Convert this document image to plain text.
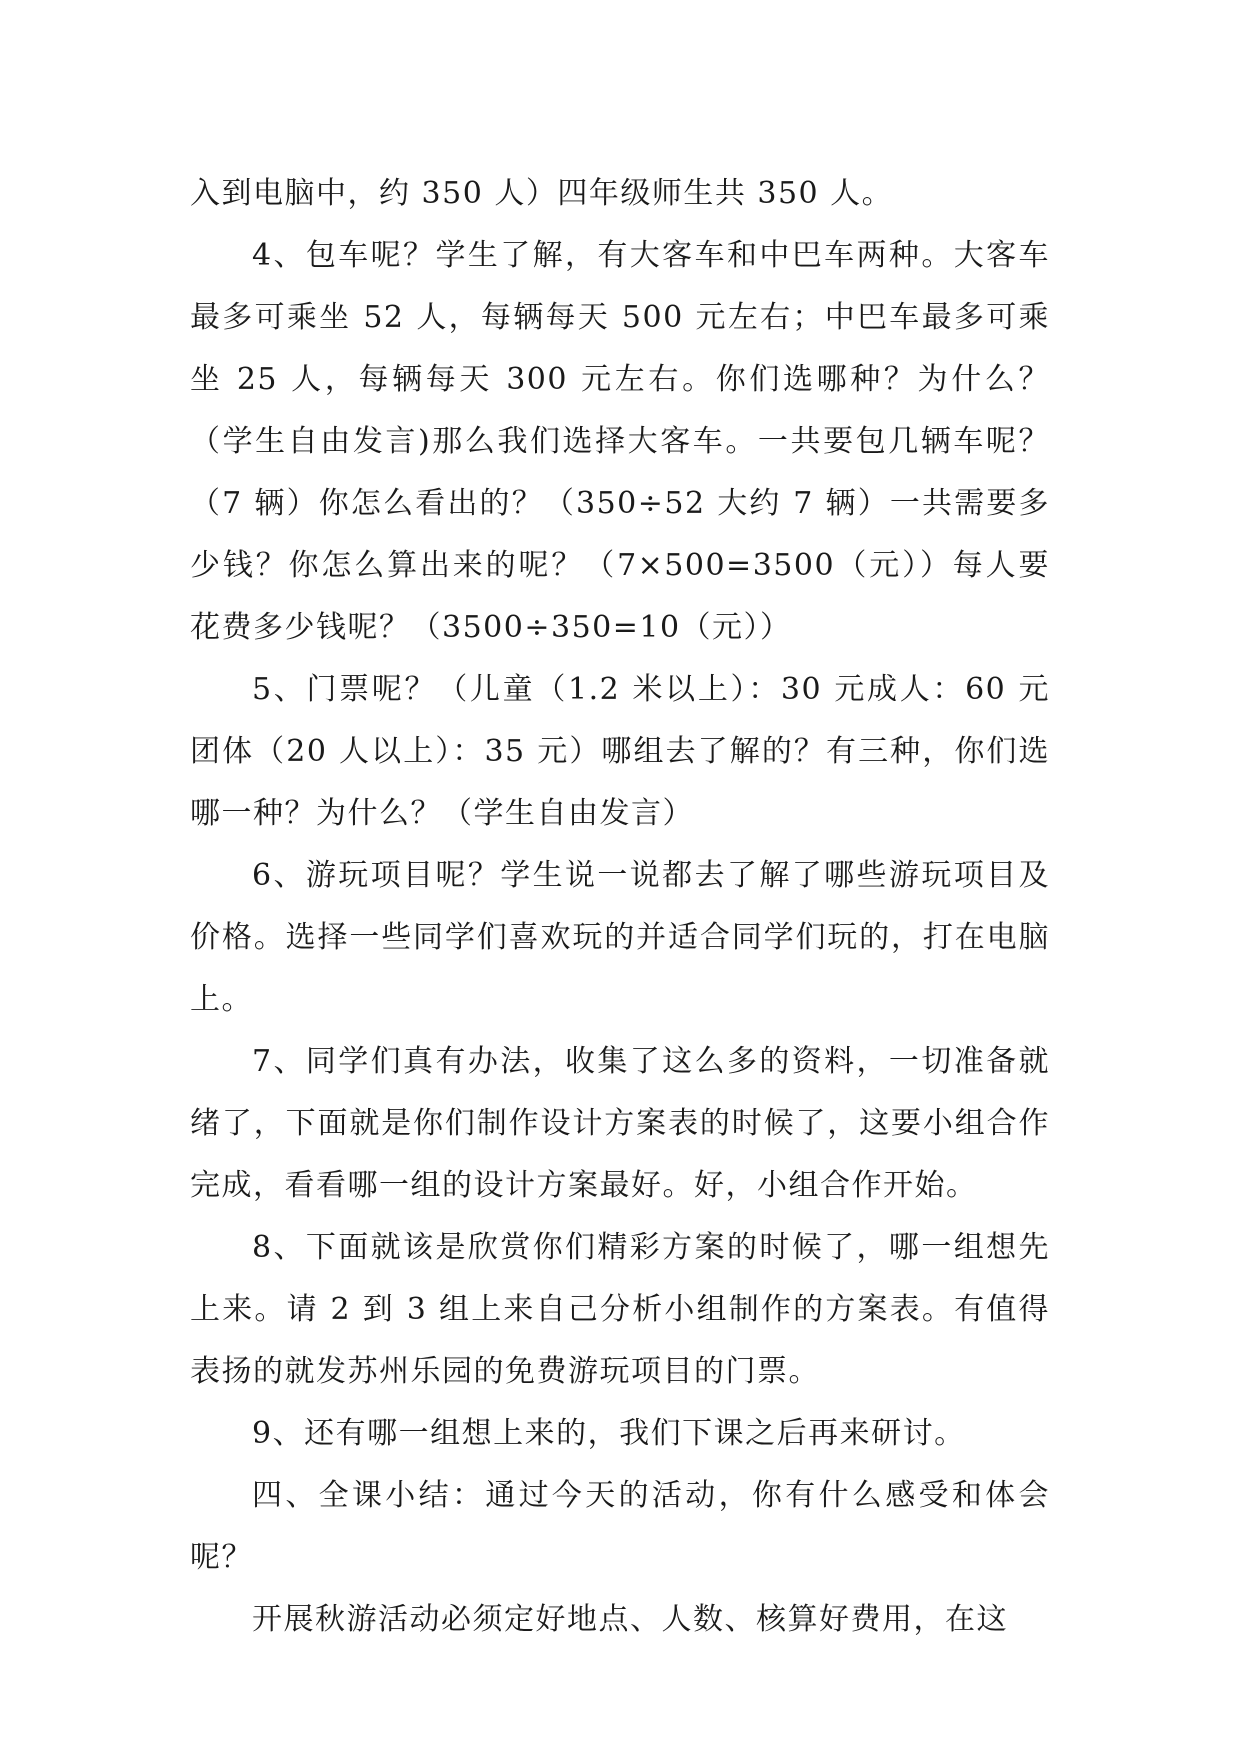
入到电脑中，约 350 人）四年级师生共 350 人。

4、包车呢？学生了解，有大客车和中巴车两种。大客车最多可乘坐 52 人，每辆每天 500 元左右；中巴车最多可乘坐 25 人，每辆每天 300 元左右。你们选哪种？为什么？（学生自由发言)那么我们选择大客车。一共要包几辆车呢？（7 辆）你怎么看出的？（350÷52 大约 7 辆）一共需要多少钱？你怎么算出来的呢？（7×500=3500（元））每人要花费多少钱呢？（3500÷350=10（元））

5、门票呢？（儿童（1.2 米以上）：30 元成人：60 元团体（20 人以上）：35 元）哪组去了解的？有三种，你们选哪一种？为什么？（学生自由发言）

6、游玩项目呢？学生说一说都去了解了哪些游玩项目及价格。选择一些同学们喜欢玩的并适合同学们玩的，打在电脑上。

7、同学们真有办法，收集了这么多的资料，一切准备就绪了，下面就是你们制作设计方案表的时候了，这要小组合作完成，看看哪一组的设计方案最好。好，小组合作开始。

8、下面就该是欣赏你们精彩方案的时候了，哪一组想先上来。请 2 到 3 组上来自己分析小组制作的方案表。有值得表扬的就发苏州乐园的免费游玩项目的门票。

9、还有哪一组想上来的，我们下课之后再来研讨。

四、全课小结：通过今天的活动，你有什么感受和体会呢？

开展秋游活动必须定好地点、人数、核算好费用，在这
